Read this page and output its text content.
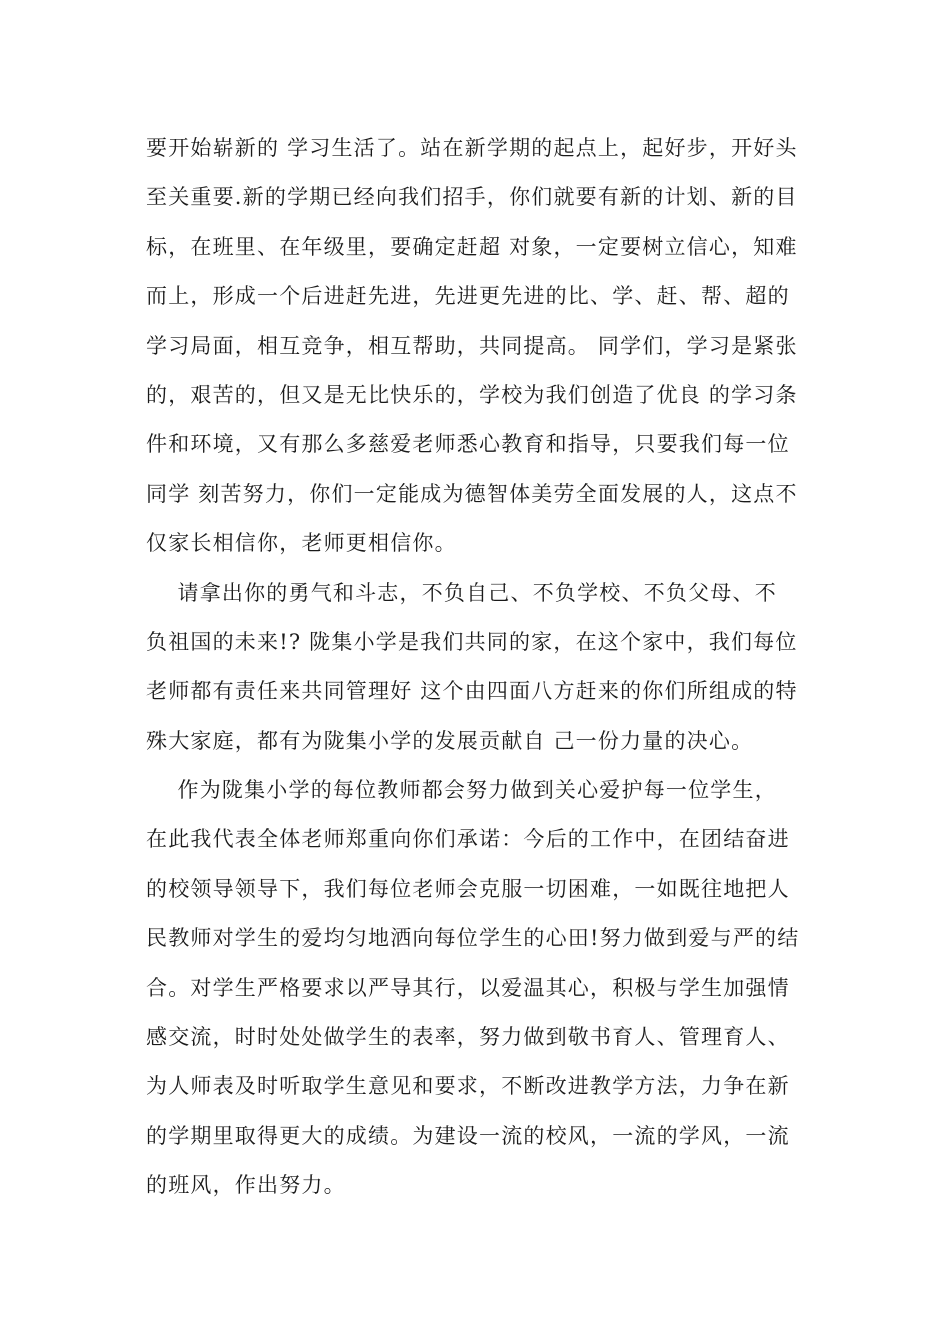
要开始崭新的 学习生活了。站在新学期的起点上，起好步，开好头
至关重要.新的学期已经向我们招手，你们就要有新的计划、新的目
标，在班里、在年级里，要确定赶超 对象，一定要树立信心，知难
而上，形成一个后进赶先进，先进更先进的比、学、赶、帮、超的
学习局面，相互竞争，相互帮助，共同提高。 同学们，学习是紧张
的，艰苦的，但又是无比快乐的，学校为我们创造了优良 的学习条
件和环境，又有那么多慈爱老师悉心教育和指导，只要我们每一位
同学 刻苦努力，你们一定能成为德智体美劳全面发展的人，这点不
仅家长相信你，老师更相信你。
请拿出你的勇气和斗志，不负自己、不负学校、不负父母、不
负祖国的未来!? 陇集小学是我们共同的家，在这个家中，我们每位
老师都有责任来共同管理好 这个由四面八方赶来的你们所组成的特
殊大家庭，都有为陇集小学的发展贡献自 己一份力量的决心。
作为陇集小学的每位教师都会努力做到关心爱护每一位学生，
在此我代表全体老师郑重向你们承诺：今后的工作中，在团结奋进
的校领导领导下，我们每位老师会克服一切困难，一如既往地把人
民教师对学生的爱均匀地洒向每位学生的心田!努力做到爱与严的结
合。对学生严格要求以严导其行，以爱温其心，积极与学生加强情
感交流，时时处处做学生的表率，努力做到敬书育人、管理育人、
为人师表及时听取学生意见和要求，不断改进教学方法，力争在新
的学期里取得更大的成绩。为建设一流的校风，一流的学风，一流
的班风，作出努力。
